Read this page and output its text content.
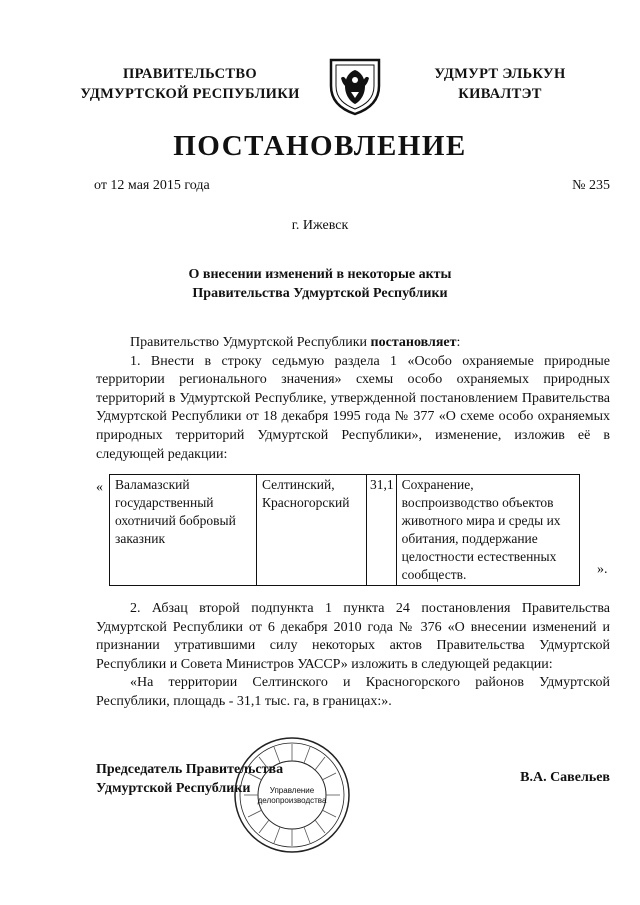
ПРАВИТЕЛЬСТВО
УДМУРТСКОЙ РЕСПУБЛИКИ
УДМУРТ ЭЛЬКУН
КИВАЛТЭТ
ПОСТАНОВЛЕНИЕ
от 12 мая 2015 года	№ 235
г. Ижевск
О внесении изменений в некоторые акты
Правительства Удмуртской Республики

Правительство Удмуртской Республики постановляет:

1. Внести в строку седьмую раздела 1 «Особо охраняемые природные территории регионального значения» схемы особо охраняемых природных территорий в Удмуртской Республике, утвержденной постановлением Правительства Удмуртской Республики от 18 декабря 1995 года № 377 «О схеме особо охраняемых природных территорий Удмуртской Республики», изменение, изложив её в следующей редакции:

« Валамазский государственный охотничий бобровый заказник	Селтинский, Красногорский	31,1	Сохранение, воспроизводство объектов животного мира и среды их обитания, поддержание целостности естественных сообществ.	».

2. Абзац второй подпункта 1 пункта 24 постановления Правительства Удмуртской Республики от 6 декабря 2010 года № 376 «О внесении изменений и признании утратившими силу некоторых актов Правительства Удмуртской Республики и Совета Министров УАССР» изложить в следующей редакции:

«На территории Селтинского и Красногорского районов Удмуртской Республики, площадь - 31,1 тыс. га, в границах:».

Председатель Правительства
Удмуртской Республики
В.А. Савельев
Управление
делопроизводства
